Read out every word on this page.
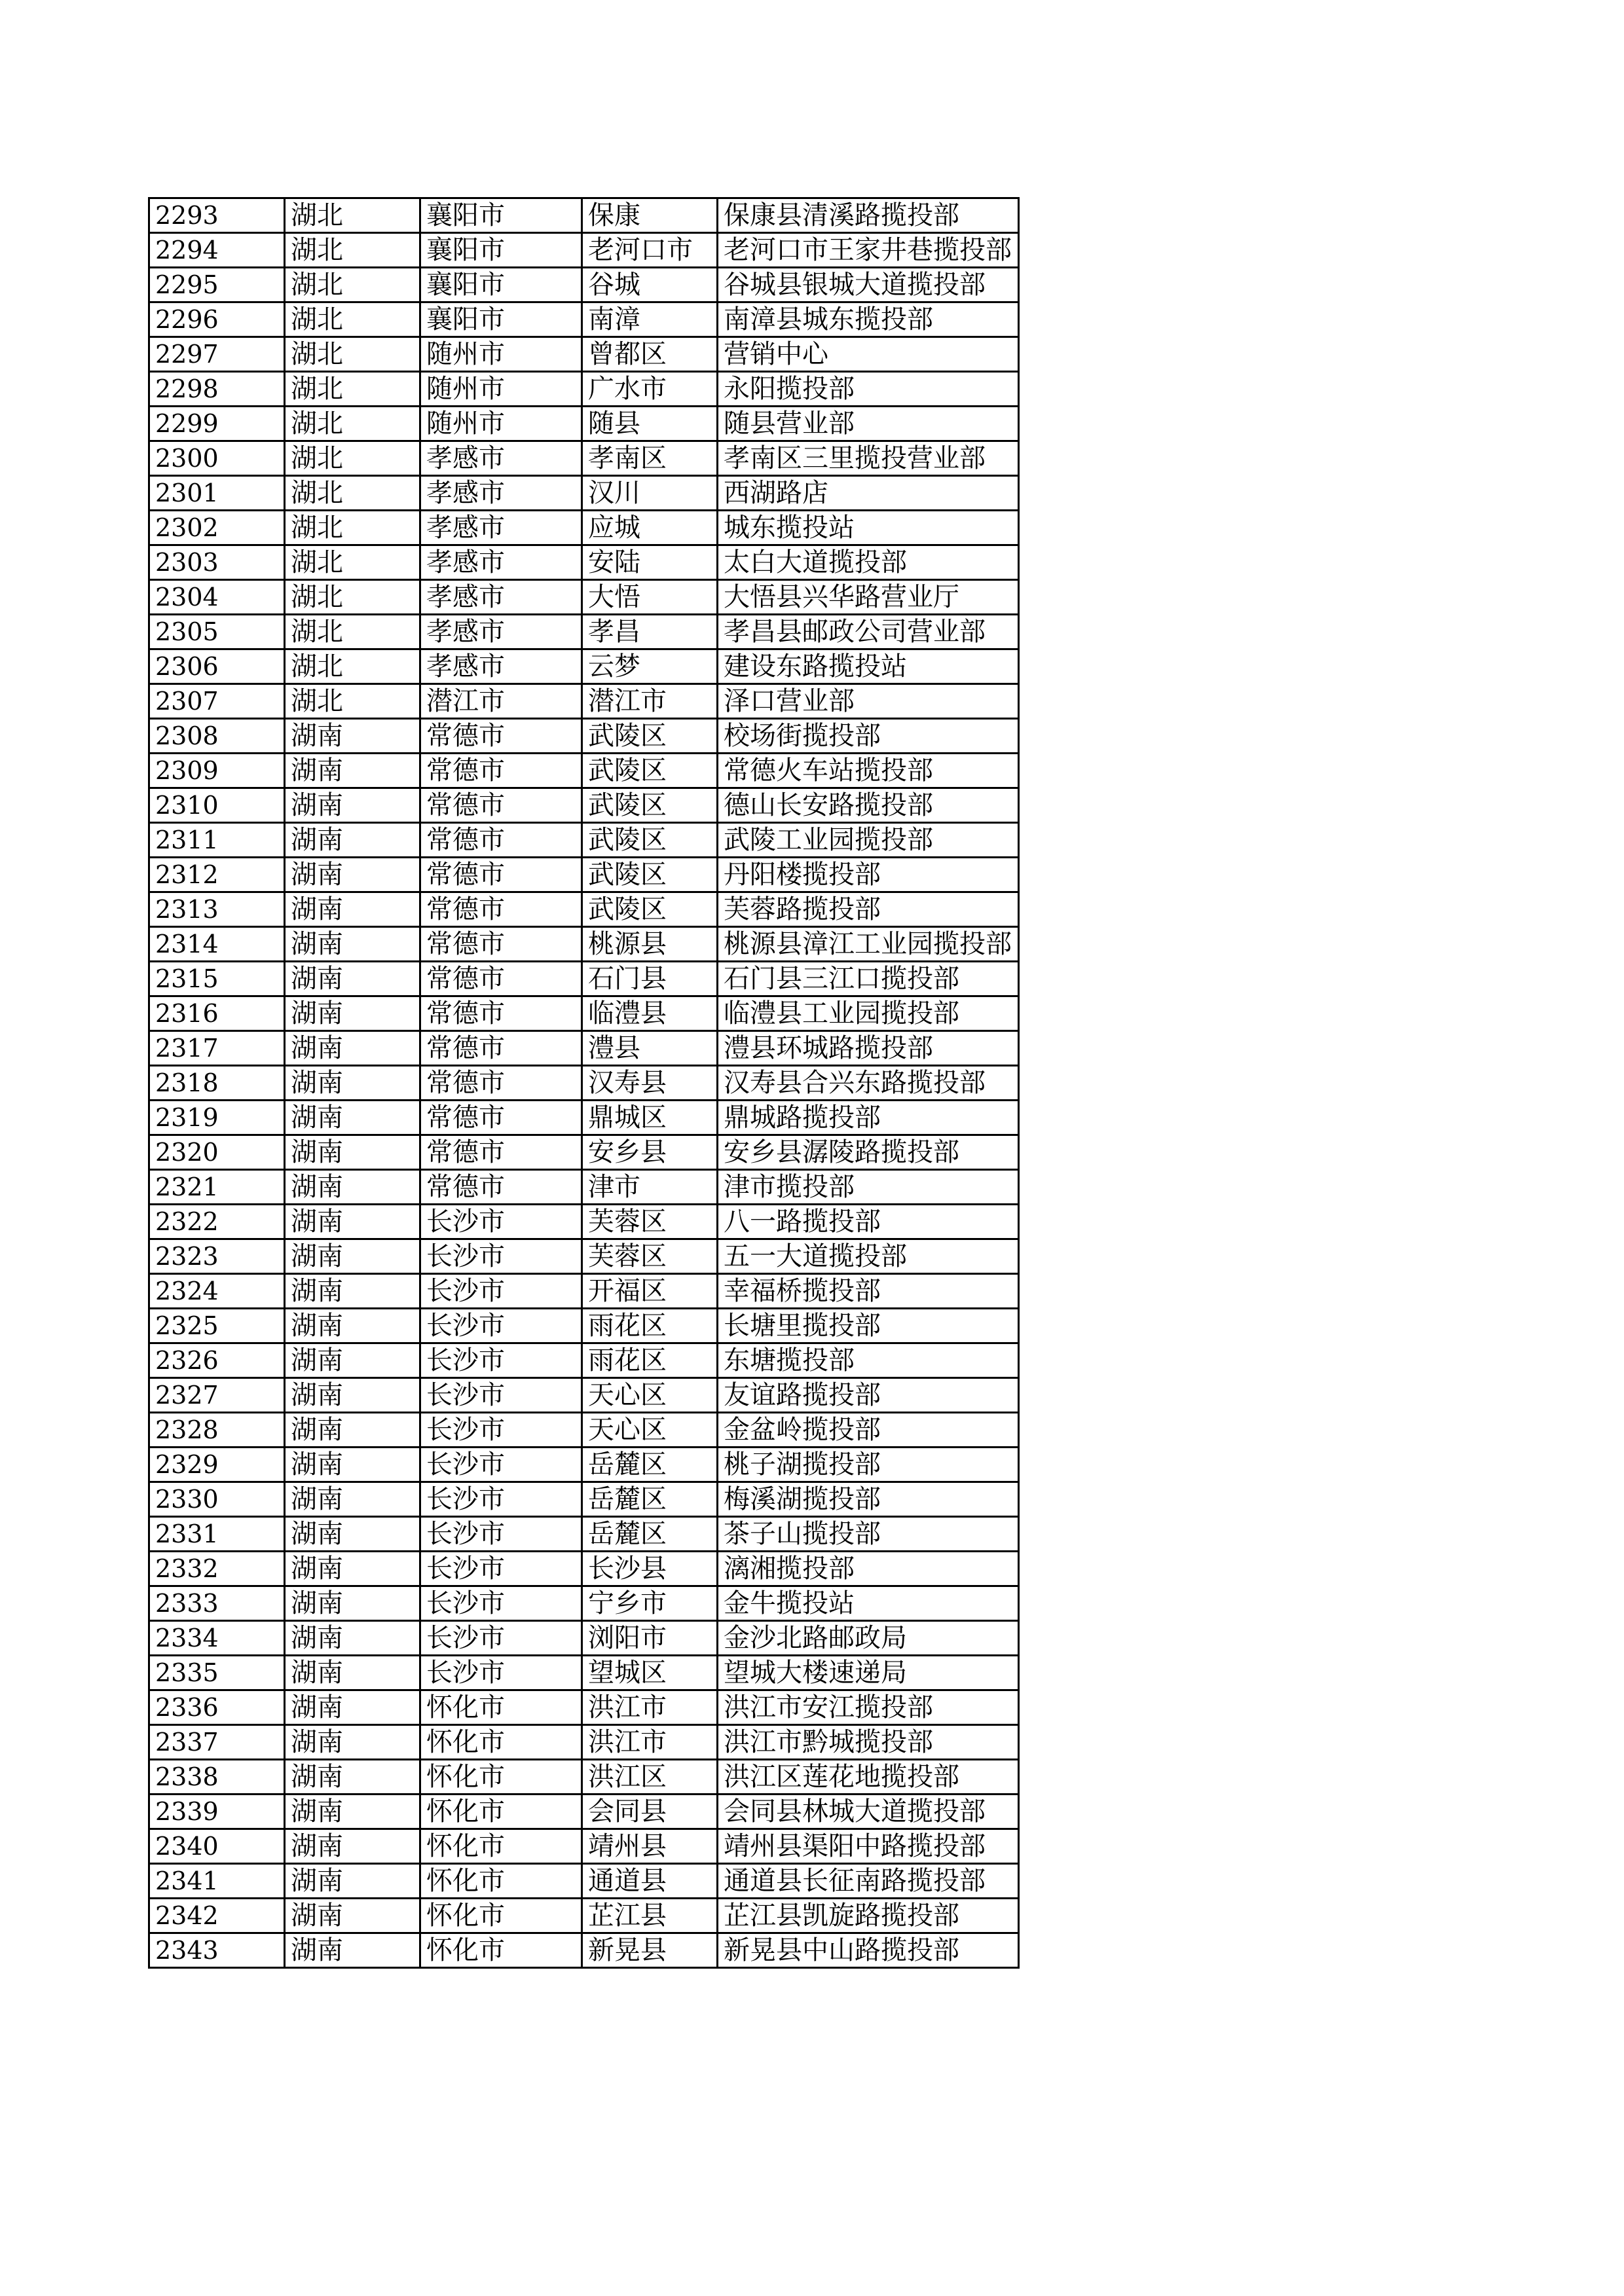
2293	湖北	襄阳市	保康	保康县清溪路揽投部
2294	湖北	襄阳市	老河口市	老河口市王家井巷揽投部
2295	湖北	襄阳市	谷城	谷城县银城大道揽投部
2296	湖北	襄阳市	南漳	南漳县城东揽投部
2297	湖北	随州市	曾都区	营销中心
2298	湖北	随州市	广水市	永阳揽投部
2299	湖北	随州市	随县	随县营业部
2300	湖北	孝感市	孝南区	孝南区三里揽投营业部
2301	湖北	孝感市	汉川	西湖路店
2302	湖北	孝感市	应城	城东揽投站
2303	湖北	孝感市	安陆	太白大道揽投部
2304	湖北	孝感市	大悟	大悟县兴华路营业厅
2305	湖北	孝感市	孝昌	孝昌县邮政公司营业部
2306	湖北	孝感市	云梦	建设东路揽投站
2307	湖北	潜江市	潜江市	泽口营业部
2308	湖南	常德市	武陵区	校场街揽投部
2309	湖南	常德市	武陵区	常德火车站揽投部
2310	湖南	常德市	武陵区	德山长安路揽投部
2311	湖南	常德市	武陵区	武陵工业园揽投部
2312	湖南	常德市	武陵区	丹阳楼揽投部
2313	湖南	常德市	武陵区	芙蓉路揽投部
2314	湖南	常德市	桃源县	桃源县漳江工业园揽投部
2315	湖南	常德市	石门县	石门县三江口揽投部
2316	湖南	常德市	临澧县	临澧县工业园揽投部
2317	湖南	常德市	澧县	澧县环城路揽投部
2318	湖南	常德市	汉寿县	汉寿县合兴东路揽投部
2319	湖南	常德市	鼎城区	鼎城路揽投部
2320	湖南	常德市	安乡县	安乡县潺陵路揽投部
2321	湖南	常德市	津市	津市揽投部
2322	湖南	长沙市	芙蓉区	八一路揽投部
2323	湖南	长沙市	芙蓉区	五一大道揽投部
2324	湖南	长沙市	开福区	幸福桥揽投部
2325	湖南	长沙市	雨花区	长塘里揽投部
2326	湖南	长沙市	雨花区	东塘揽投部
2327	湖南	长沙市	天心区	友谊路揽投部
2328	湖南	长沙市	天心区	金盆岭揽投部
2329	湖南	长沙市	岳麓区	桃子湖揽投部
2330	湖南	长沙市	岳麓区	梅溪湖揽投部
2331	湖南	长沙市	岳麓区	茶子山揽投部
2332	湖南	长沙市	长沙县	漓湘揽投部
2333	湖南	长沙市	宁乡市	金牛揽投站
2334	湖南	长沙市	浏阳市	金沙北路邮政局
2335	湖南	长沙市	望城区	望城大楼速递局
2336	湖南	怀化市	洪江市	洪江市安江揽投部
2337	湖南	怀化市	洪江市	洪江市黔城揽投部
2338	湖南	怀化市	洪江区	洪江区莲花地揽投部
2339	湖南	怀化市	会同县	会同县林城大道揽投部
2340	湖南	怀化市	靖州县	靖州县渠阳中路揽投部
2341	湖南	怀化市	通道县	通道县长征南路揽投部
2342	湖南	怀化市	芷江县	芷江县凯旋路揽投部
2343	湖南	怀化市	新晃县	新晃县中山路揽投部
